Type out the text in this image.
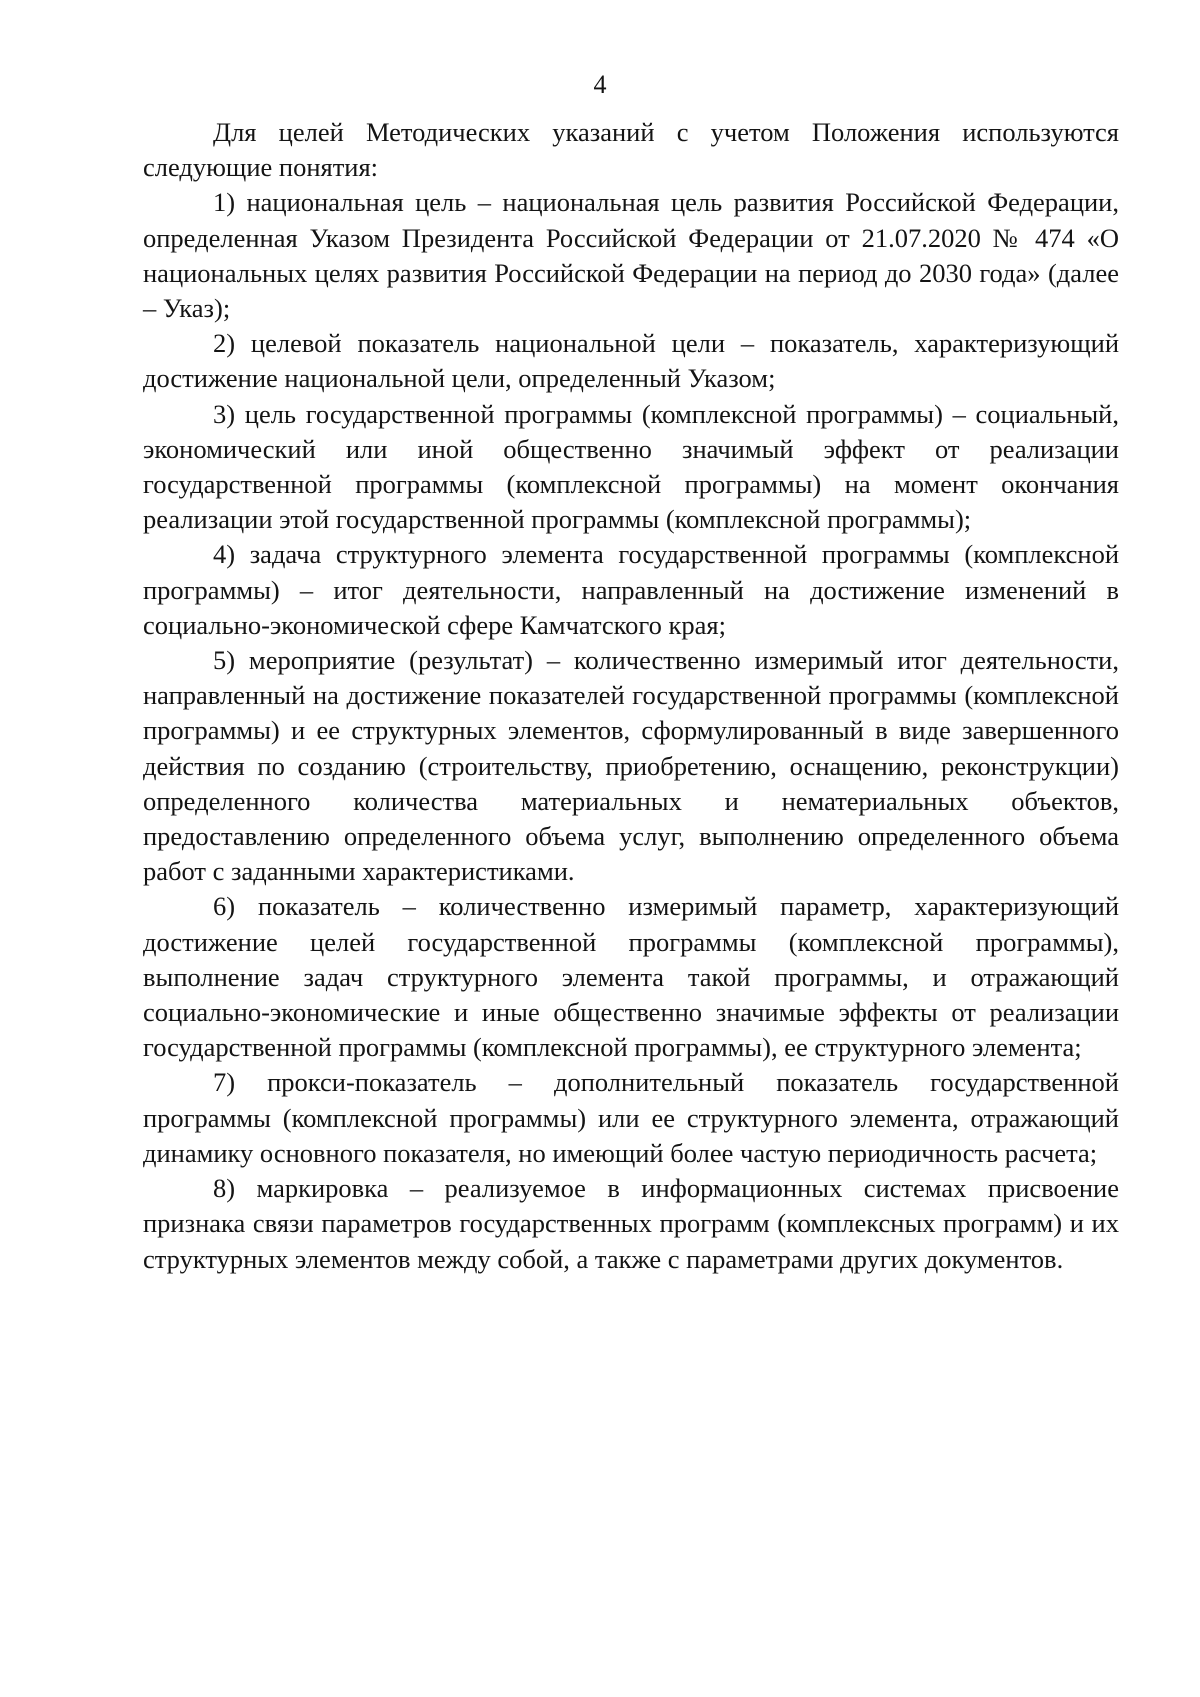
4

Для целей Методических указаний с учетом Положения используются следующие понятия:

1) национальная цель – национальная цель развития Российской Федерации, определенная Указом Президента Российской Федерации от 21.07.2020 № 474 «О национальных целях развития Российской Федерации на период до 2030 года» (далее – Указ);

2) целевой показатель национальной цели – показатель, характеризующий достижение национальной цели, определенный Указом;

3) цель государственной программы (комплексной программы) – социальный, экономический или иной общественно значимый эффект от реализации государственной программы (комплексной программы) на момент окончания реализации этой государственной программы (комплексной программы);

4) задача структурного элемента государственной программы (комплексной программы) – итог деятельности, направленный на достижение изменений в социально-экономической сфере Камчатского края;

5) мероприятие (результат) – количественно измеримый итог деятельности, направленный на достижение показателей государственной программы (комплексной программы) и ее структурных элементов, сформулированный в виде завершенного действия по созданию (строительству, приобретению, оснащению, реконструкции) определенного количества материальных и нематериальных объектов, предоставлению определенного объема услуг, выполнению определенного объема работ с заданными характеристиками.

6) показатель – количественно измеримый параметр, характеризующий достижение целей государственной программы (комплексной программы), выполнение задач структурного элемента такой программы, и отражающий социально-экономические и иные общественно значимые эффекты от реализации государственной программы (комплексной программы), ее структурного элемента;

7) прокси-показатель – дополнительный показатель государственной программы (комплексной программы) или ее структурного элемента, отражающий динамику основного показателя, но имеющий более частую периодичность расчета;

8) маркировка – реализуемое в информационных системах присвоение признака связи параметров государственных программ (комплексных программ) и их структурных элементов между собой, а также с параметрами других документов.
